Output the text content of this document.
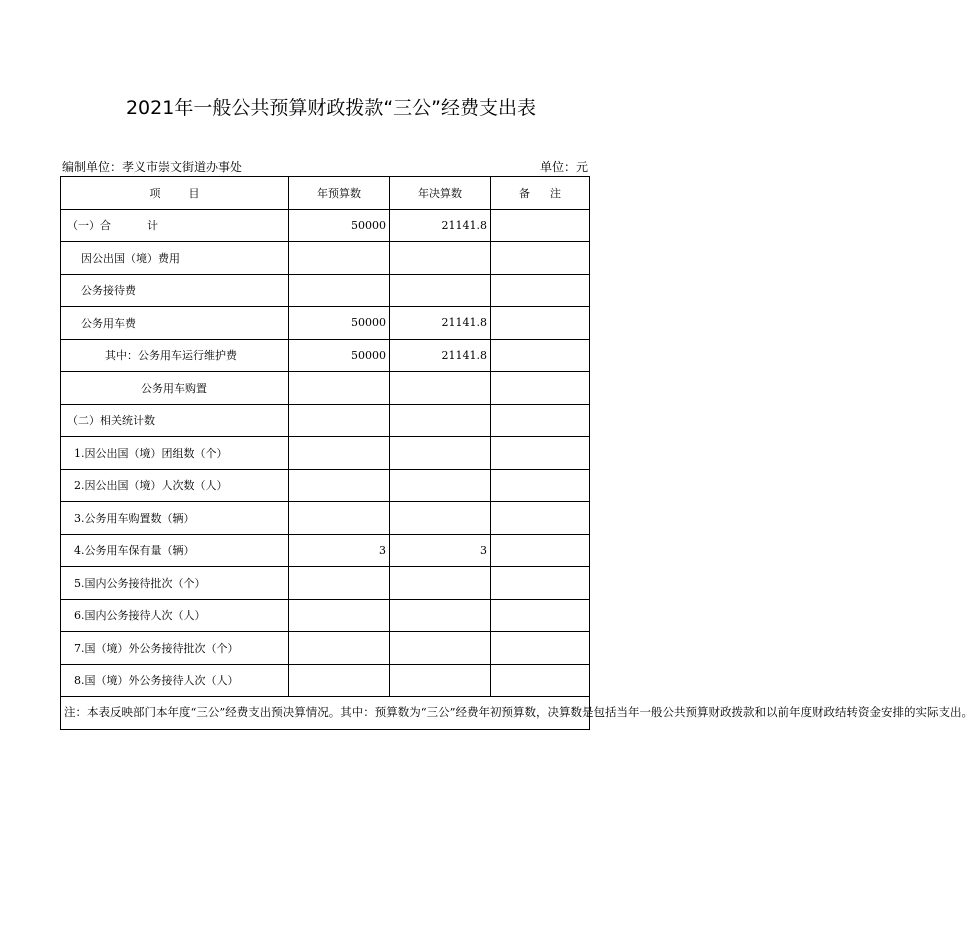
2021年一般公共预算财政拨款“三公”经费支出表
编制单位：孝义市崇文街道办事处	单位：元
项 目	年预算数	年决算数	备 注
（一）合 计	50000	21141.8	
因公出国（境）费用			
公务接待费			
公务用车费	50000	21141.8	
其中：公务用车运行维护费	50000	21141.8	
公务用车购置			
（二）相关统计数			
1.因公出国（境）团组数（个）			
2.因公出国（境）人次数（人）			
3.公务用车购置数（辆）			
4.公务用车保有量（辆）	3	3	
5.国内公务接待批次（个）			
6.国内公务接待人次（人）			
7.国（境）外公务接待批次（个）			
8.国（境）外公务接待人次（人）			
注：本表反映部门本年度“三公”经费支出预决算情况。其中：预算数为“三公”经费年初预算数，决算数是包括当年一般公共预算财政拨款和以前年度财政结转资金安排的实际支出。			
